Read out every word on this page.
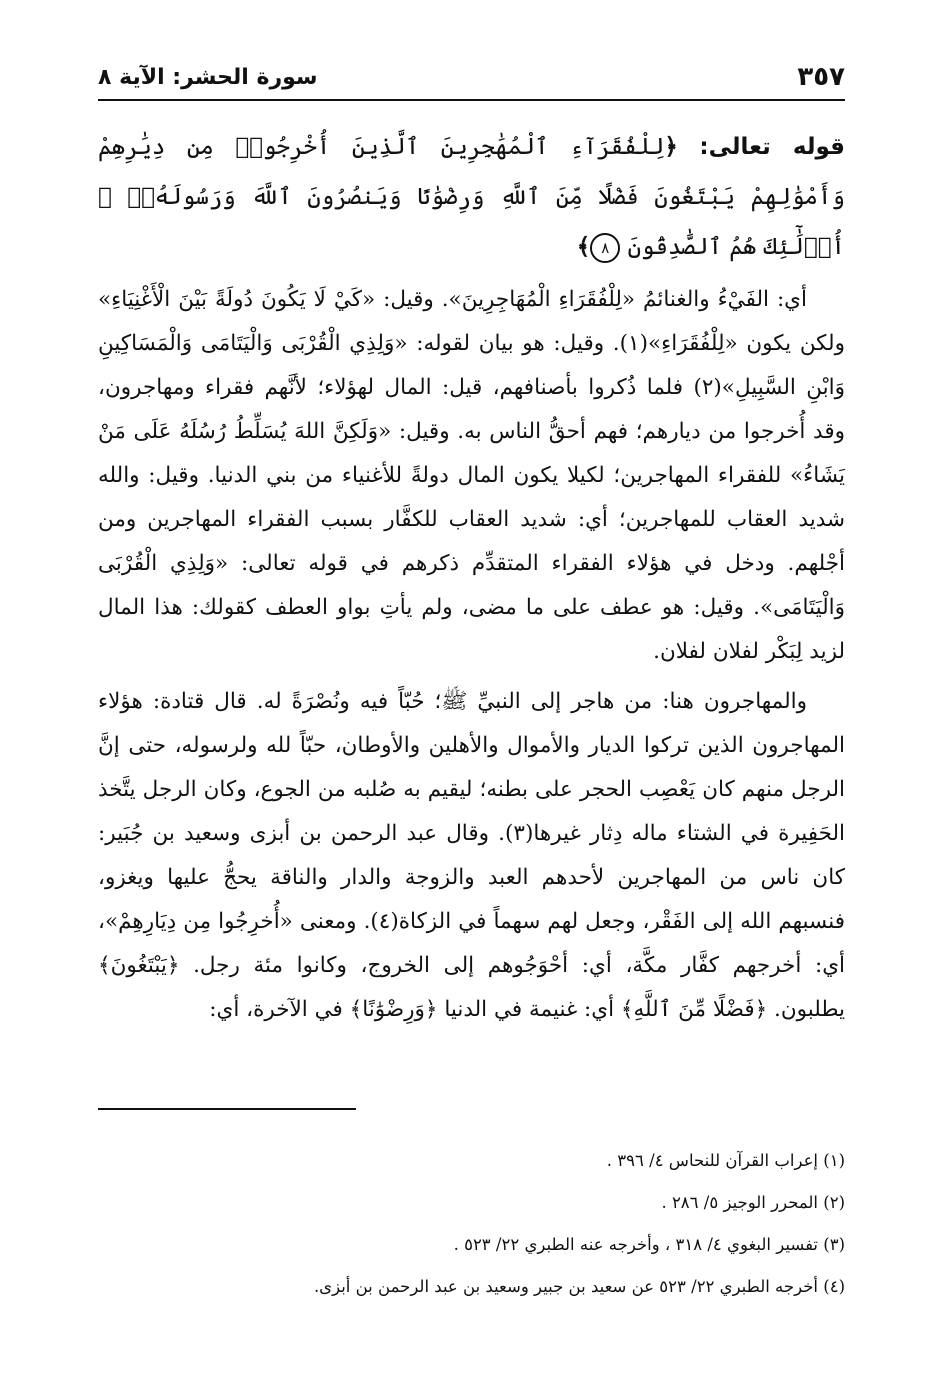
سورة الحشر: الآية ٨	٣٥٧

قوله تعالى: ﴿لِلْفُقَرَآءِ ٱلْمُهَٰجِرِينَ ٱلَّذِينَ أُخْرِجُوا۟ مِن دِيَٰرِهِمْ وَأَمْوَٰلِهِمْ يَبْتَغُونَ فَضْلًا مِّنَ ٱللَّهِ وَرِضْوَٰنًا وَيَنصُرُونَ ٱللَّهَ وَرَسُولَهُۥٓ ۚ أُو۟لَٰٓئِكَ هُمُ ٱلصَّٰدِقُونَ ٨﴾

أي: الفَيْءُ والغنائمُ «لِلْفُقَرَاءِ الْمُهَاجِرِينَ». وقيل: «كَيْ لَا يَكُونَ دُولَةً بَيْنَ الْأَغْنِيَاءِ» ولكن يكون «لِلْفُقَرَاءِ»(١). وقيل: هو بيان لقوله: «وَلِذِي الْقُرْبَى وَالْيَتَامَى وَالْمَسَاكِينِ وَابْنِ السَّبِيلِ»(٢) فلما ذُكروا بأصنافهم، قيل: المال لهؤلاء؛ لأنَّهم فقراء ومهاجرون، وقد أُخرجوا من ديارهم؛ فهم أحقُّ الناس به. وقيل: «وَلَكِنَّ اللهَ يُسَلِّطُ رُسُلَهُ عَلَى مَنْ يَشَاءُ» للفقراء المهاجرين؛ لكيلا يكون المال دولةً للأغنياء من بني الدنيا. وقيل: والله شديد العقاب للمهاجرين؛ أي: شديد العقاب للكفَّار بسبب الفقراء المهاجرين ومن أجْلهم. ودخل في هؤلاء الفقراء المتقدِّم ذكرهم في قوله تعالى: «وَلِذِي الْقُرْبَى وَالْيَتَامَى». وقيل: هو عطف على ما مضى، ولم يأتِ بواو العطف كقولك: هذا المال لزيد لِبَكْر لفلان لفلان.

والمهاجرون هنا: من هاجر إلى النبيِّ ﷺ؛ حُبّاً فيه ونُصْرَةً له. قال قتادة: هؤلاء المهاجرون الذين تركوا الديار والأموال والأهلين والأوطان، حبّاً لله ولرسوله، حتى إنَّ الرجل منهم كان يَعْصِب الحجر على بطنه؛ ليقيم به صُلبه من الجوع، وكان الرجل يتَّخذ الحَفِيرة في الشتاء ماله دِثار غيرها(٣). وقال عبد الرحمن بن أبزى وسعيد بن جُبَير: كان ناس من المهاجرين لأحدهم العبد والزوجة والدار والناقة يحجُّ عليها ويغزو، فنسبهم الله إلى الفَقْر، وجعل لهم سهماً في الزكاة(٤). ومعنى «أُخرِجُوا مِن دِيَارِهِمْ»، أي: أخرجهم كفَّار مكَّة، أي: أحْوَجُوهم إلى الخروج، وكانوا مئة رجل. ﴿يَبْتَغُونَ﴾ يطلبون. ﴿فَضْلًا مِّنَ ٱللَّهِ﴾ أي: غنيمة في الدنيا ﴿وَرِضْوَٰنًا﴾ في الآخرة، أي:

(١) إعراب القرآن للنحاس ٤/ ٣٩٦ .

(٢) المحرر الوجيز ٥/ ٢٨٦ .

(٣) تفسير البغوي ٤/ ٣١٨ ، وأخرجه عنه الطبري ٢٢/ ٥٢٣ .

(٤) أخرجه الطبري ٢٢/ ٥٢٣ عن سعيد بن جبير وسعيد بن عبد الرحمن بن أبزى.
